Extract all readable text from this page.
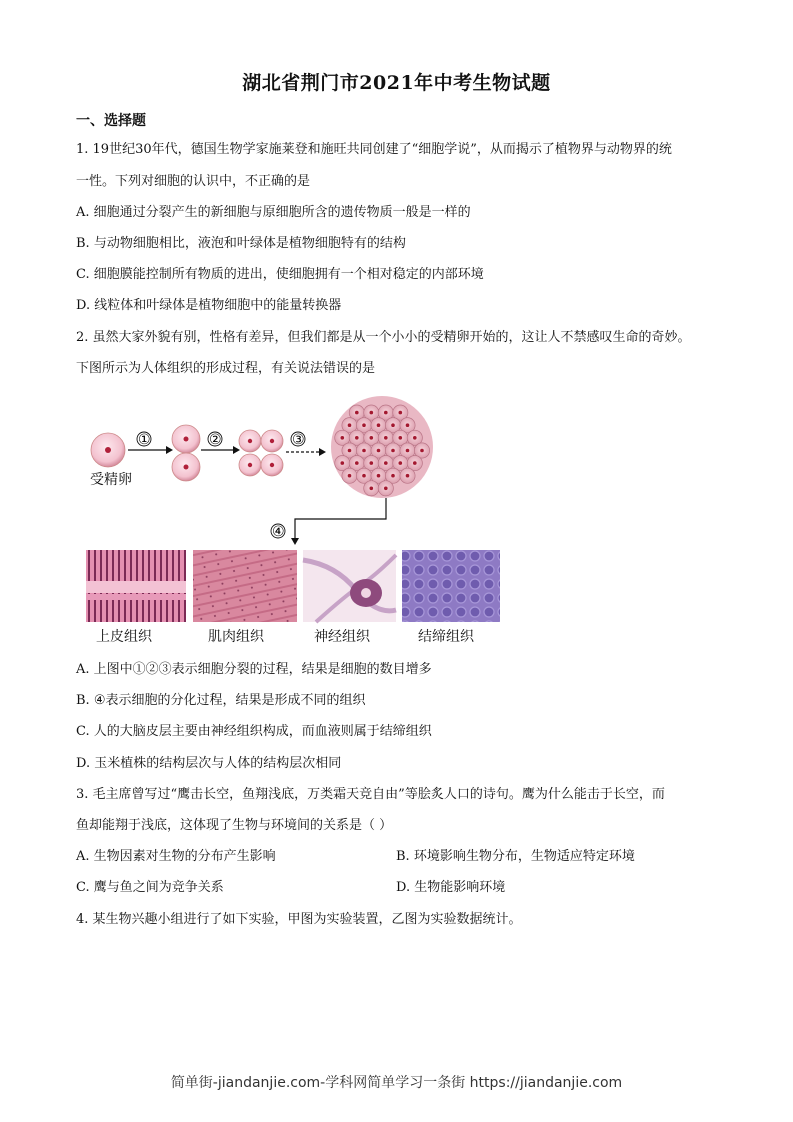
湖北省荆门市2021年中考生物试题
一、选择题
1. 19世纪30年代，德国生物学家施莱登和施旺共同创建了“细胞学说”，从而揭示了植物界与动物界的统
一性。下列对细胞的认识中，不正确的是
A. 细胞通过分裂产生的新细胞与原细胞所含的遗传物质一般是一样的
B. 与动物细胞相比，液泡和叶绿体是植物细胞特有的结构
C. 细胞膜能控制所有物质的进出，使细胞拥有一个相对稳定的内部环境
D. 线粒体和叶绿体是植物细胞中的能量转换器
2. 虽然大家外貌有别，性格有差异，但我们都是从一个小小的受精卵开始的，这让人不禁感叹生命的奇妙。
下图所示为人体组织的形成过程，有关说法错误的是
受精卵
①	②	③
④
上皮组织	肌肉组织	神经组织	结缔组织
A. 上图中①②③表示细胞分裂的过程，结果是细胞的数目增多
B. ④表示细胞的分化过程，结果是形成不同的组织
C. 人的大脑皮层主要由神经组织构成，而血液则属于结缔组织
D. 玉米植株的结构层次与人体的结构层次相同
3. 毛主席曾写过“鹰击长空，鱼翔浅底，万类霜天竞自由”等脍炙人口的诗句。鹰为什么能击于长空，而
鱼却能翔于浅底，这体现了生物与环境间的关系是（ ）
A. 生物因素对生物的分布产生影响	B. 环境影响生物分布，生物适应特定环境
C. 鹰与鱼之间为竞争关系	D. 生物能影响环境
4. 某生物兴趣小组进行了如下实验，甲图为实验装置，乙图为实验数据统计。
简单街-jiandanjie.com-学科网简单学习一条街 https://jiandanjie.com
